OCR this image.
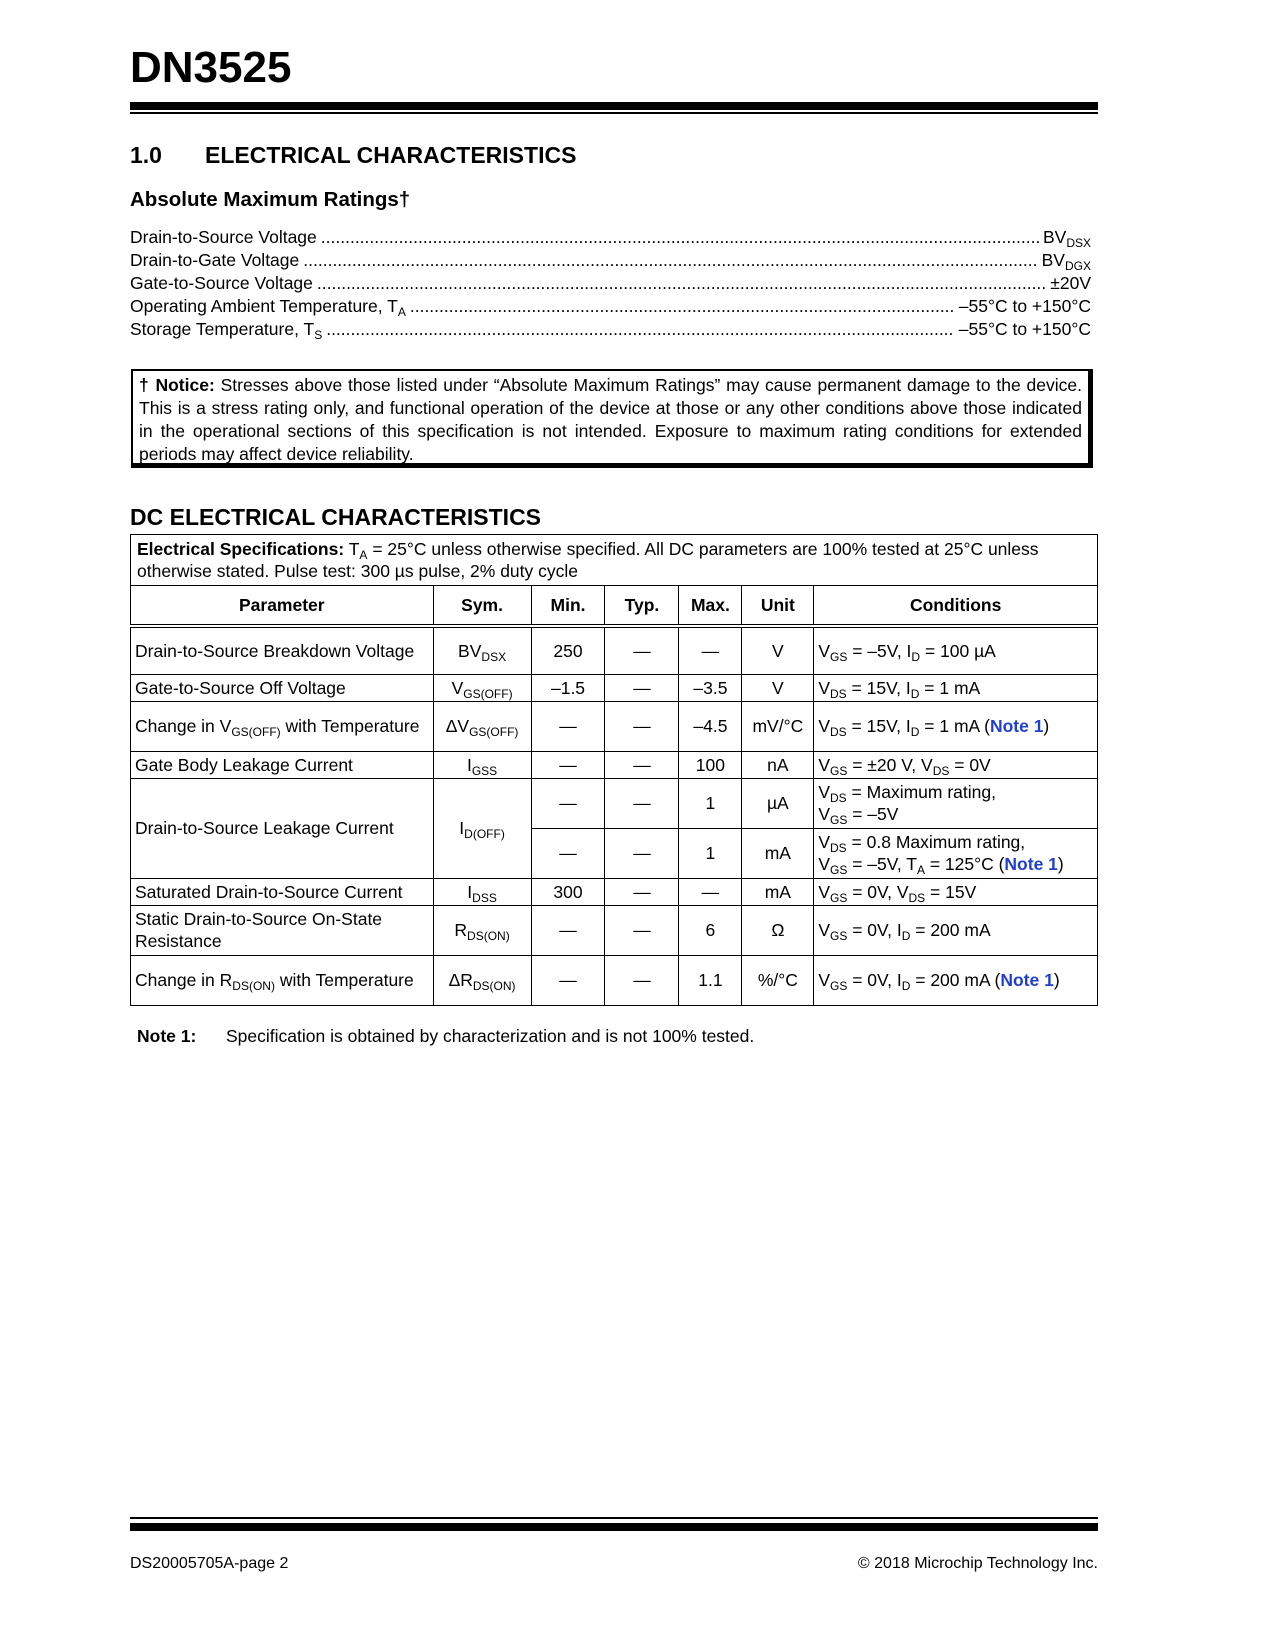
DN3525
1.0 ELECTRICAL CHARACTERISTICS
Absolute Maximum Ratings†
Drain-to-Source Voltage .....	$BV_{DSX}$
Drain-to-Gate Voltage .....	$BV_{DGX}$
Gate-to-Source Voltage .....	±20V
Operating Ambient Temperature, $T_A$ .....	–55°C to +150°C
Storage Temperature, $T_S$ .....	–55°C to +150°C
† Notice: Stresses above those listed under “Absolute Maximum Ratings” may cause permanent damage to the device. This is a stress rating only, and functional operation of the device at those or any other conditions above those indicated in the operational sections of this specification is not intended. Exposure to maximum rating conditions for extended periods may affect device reliability.
DC ELECTRICAL CHARACTERISTICS
Electrical Specifications: $T_A = 25^\circ C$ unless otherwise specified. All DC parameters are 100% tested at 25°C unless otherwise stated. Pulse test: 300 µs pulse, 2% duty cycle						
Parameter	Sym.	Min.	Typ.	Max.	Unit	Conditions
Drain-to-Source Breakdown Voltage	$BV_{DSX}$	250	—	—	V	$V_{GS} = -5V$, $I_D = 100$ µA
Gate-to-Source Off Voltage	$V_{GS(OFF)}$	–1.5	—	–3.5	V	$V_{DS} = 15V$, $I_D = 1$ mA
Change in $V_{GS(OFF)}$ with Temperature	$\Delta V_{GS(OFF)}$	—	—	–4.5	mV/°C	$V_{DS} = 15V$, $I_D = 1$ mA (Note 1)
Gate Body Leakage Current	$I_{GSS}$	—	—	100	nA	$V_{GS} = \pm 20$ V, $V_{DS} = 0V$
Drain-to-Source Leakage Current	$I_{D(OFF)}$	—	—	1	µA	$V_{DS}$ = Maximum rating,
$V_{GS} = -5V$
		—	—	1	mA	$V_{DS} = 0.8$ Maximum rating,
$V_{GS} = -5V$, $T_A = 125^\circ C$ (Note 1)
Saturated Drain-to-Source Current	$I_{DSS}$	300	—	—	mA	$V_{GS} = 0V$, $V_{DS} = 15V$
Static Drain-to-Source On-State Resistance	$R_{DS(ON)}$	—	—	6	Ω	$V_{GS} = 0V$, $I_D = 200$ mA
Change in $R_{DS(ON)}$ with Temperature	$\Delta R_{DS(ON)}$	—	—	1.1	%/°C	$V_{GS} = 0V$, $I_D = 200$ mA (Note 1)
Note 1: Specification is obtained by characterization and is not 100% tested.
DS20005705A-page 2	© 2018 Microchip Technology Inc.
